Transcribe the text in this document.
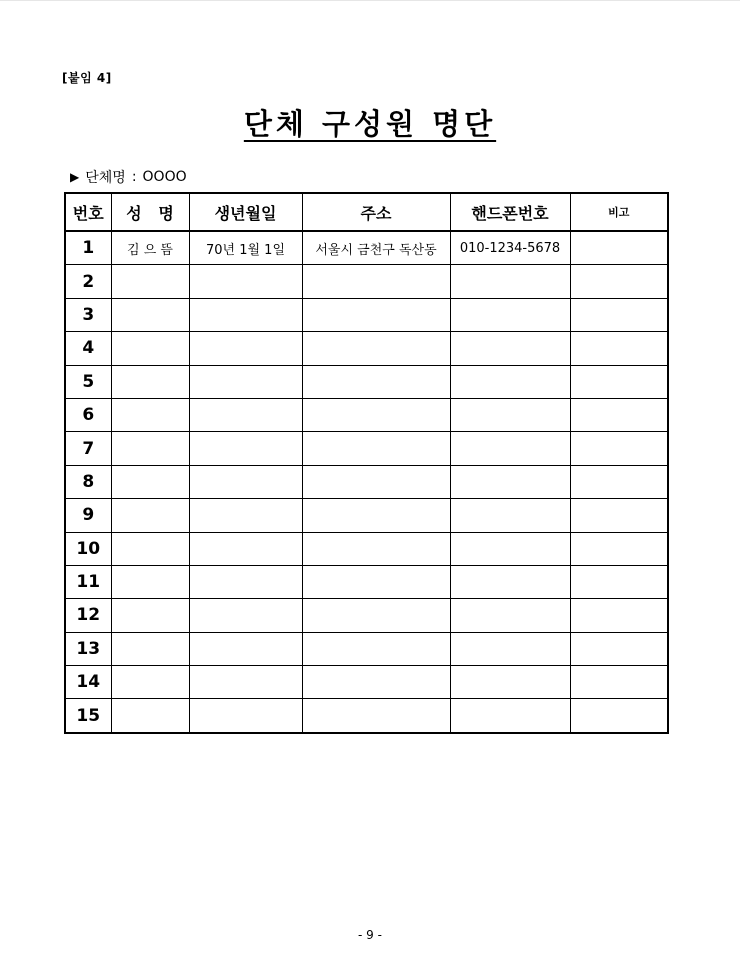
[붙임 4]
단체 구성원 명단
▶ 단체명 : OOOO
번호	성   명	생년월일	주소	핸드폰번호	비고
1	김 으 뜸	70년 1월 1일	서울시 금천구 독산동	010-1234-5678	
2					
3					
4					
5					
6					
7					
8					
9					
10					
11					
12					
13					
14					
15					
- 9 -
